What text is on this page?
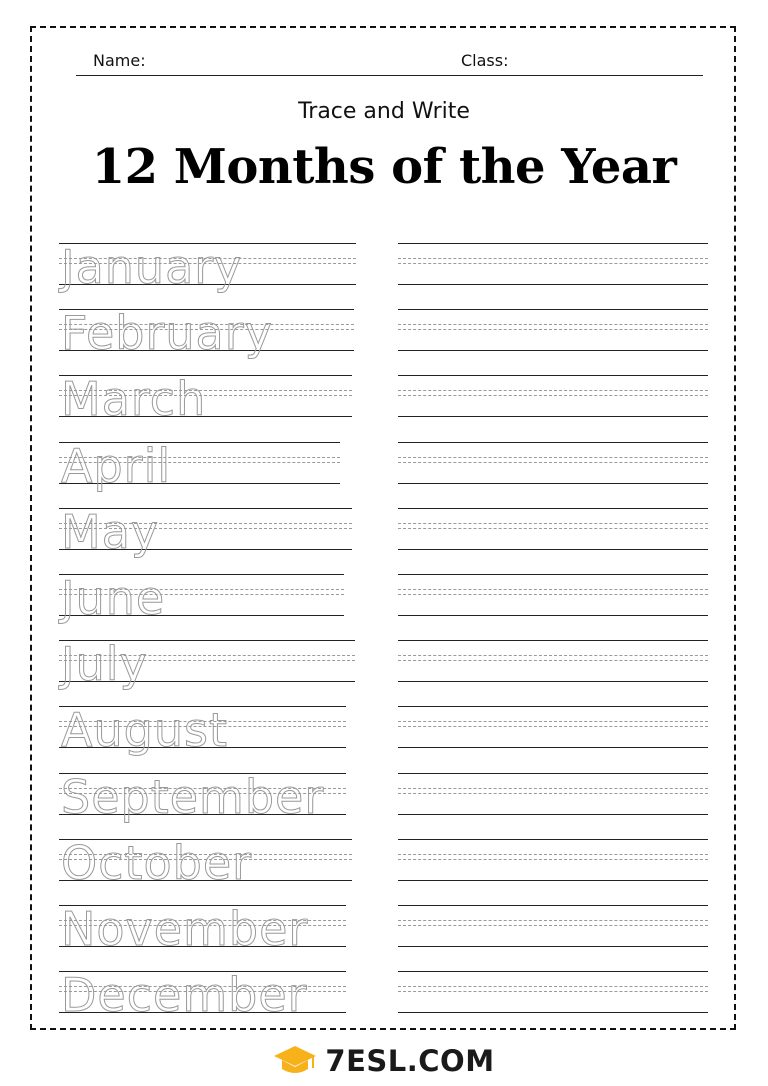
Name:	Class:
Trace and Write
12 Months of the Year
January
February
March
April
May
June
July
August
September
October
November
December
7ESL.COM
